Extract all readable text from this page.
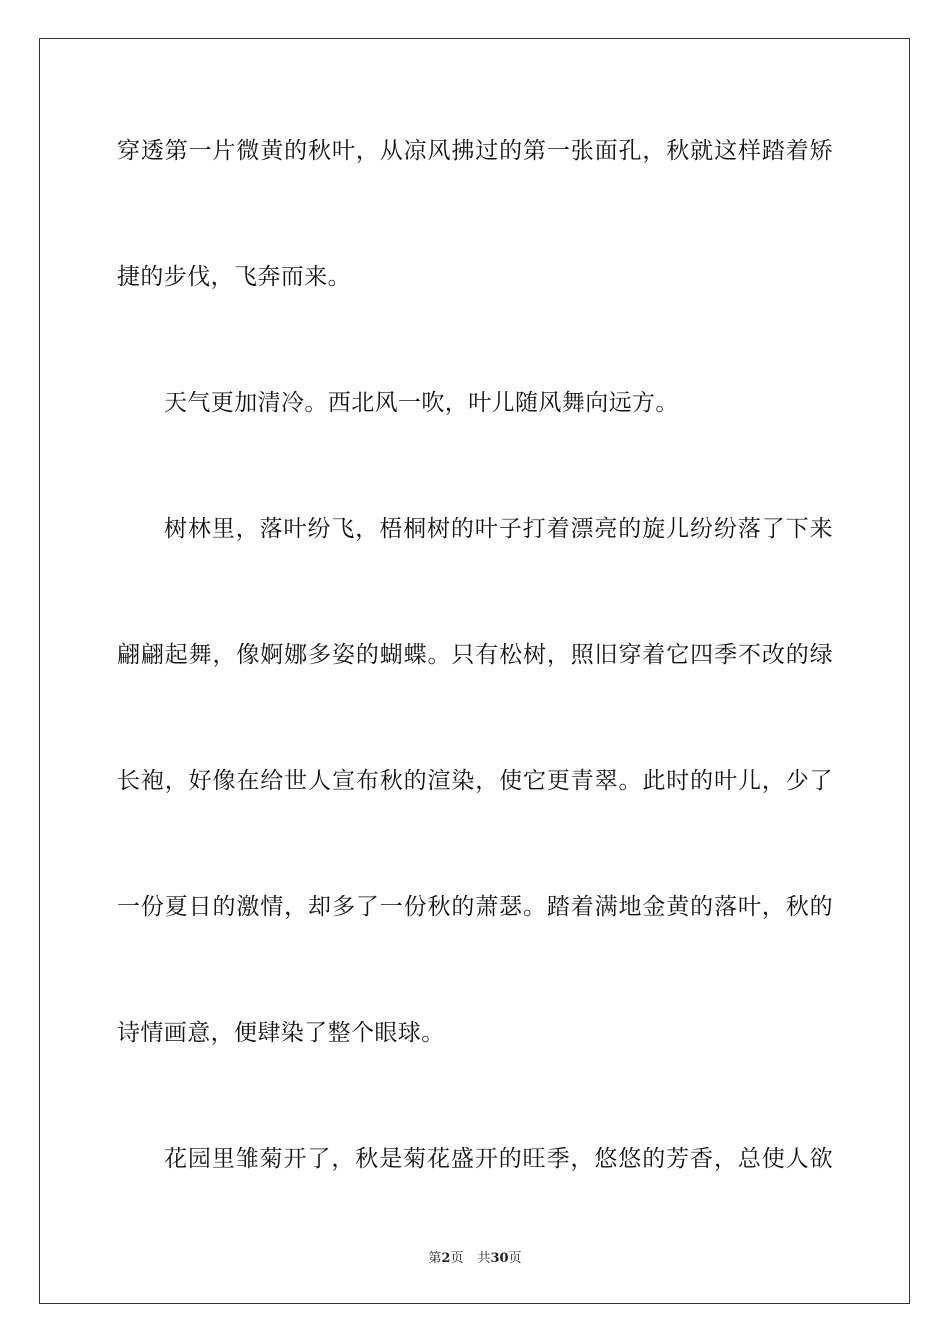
穿透第一片微黄的秋叶，从凉风拂过的第一张面孔，秋就这样踏着矫
捷的步伐，飞奔而来。
天气更加清冷。西北风一吹，叶儿随风舞向远方。
树林里，落叶纷飞，梧桐树的叶子打着漂亮的旋儿纷纷落了下来
翩翩起舞，像婀娜多姿的蝴蝶。只有松树，照旧穿着它四季不改的绿
长袍，好像在给世人宣布秋的渲染，使它更青翠。此时的叶儿，少了
一份夏日的激情，却多了一份秋的萧瑟。踏着满地金黄的落叶，秋的
诗情画意，便肆染了整个眼球。
花园里雏菊开了，秋是菊花盛开的旺季，悠悠的芳香，总使人欲
第2页 共30页
